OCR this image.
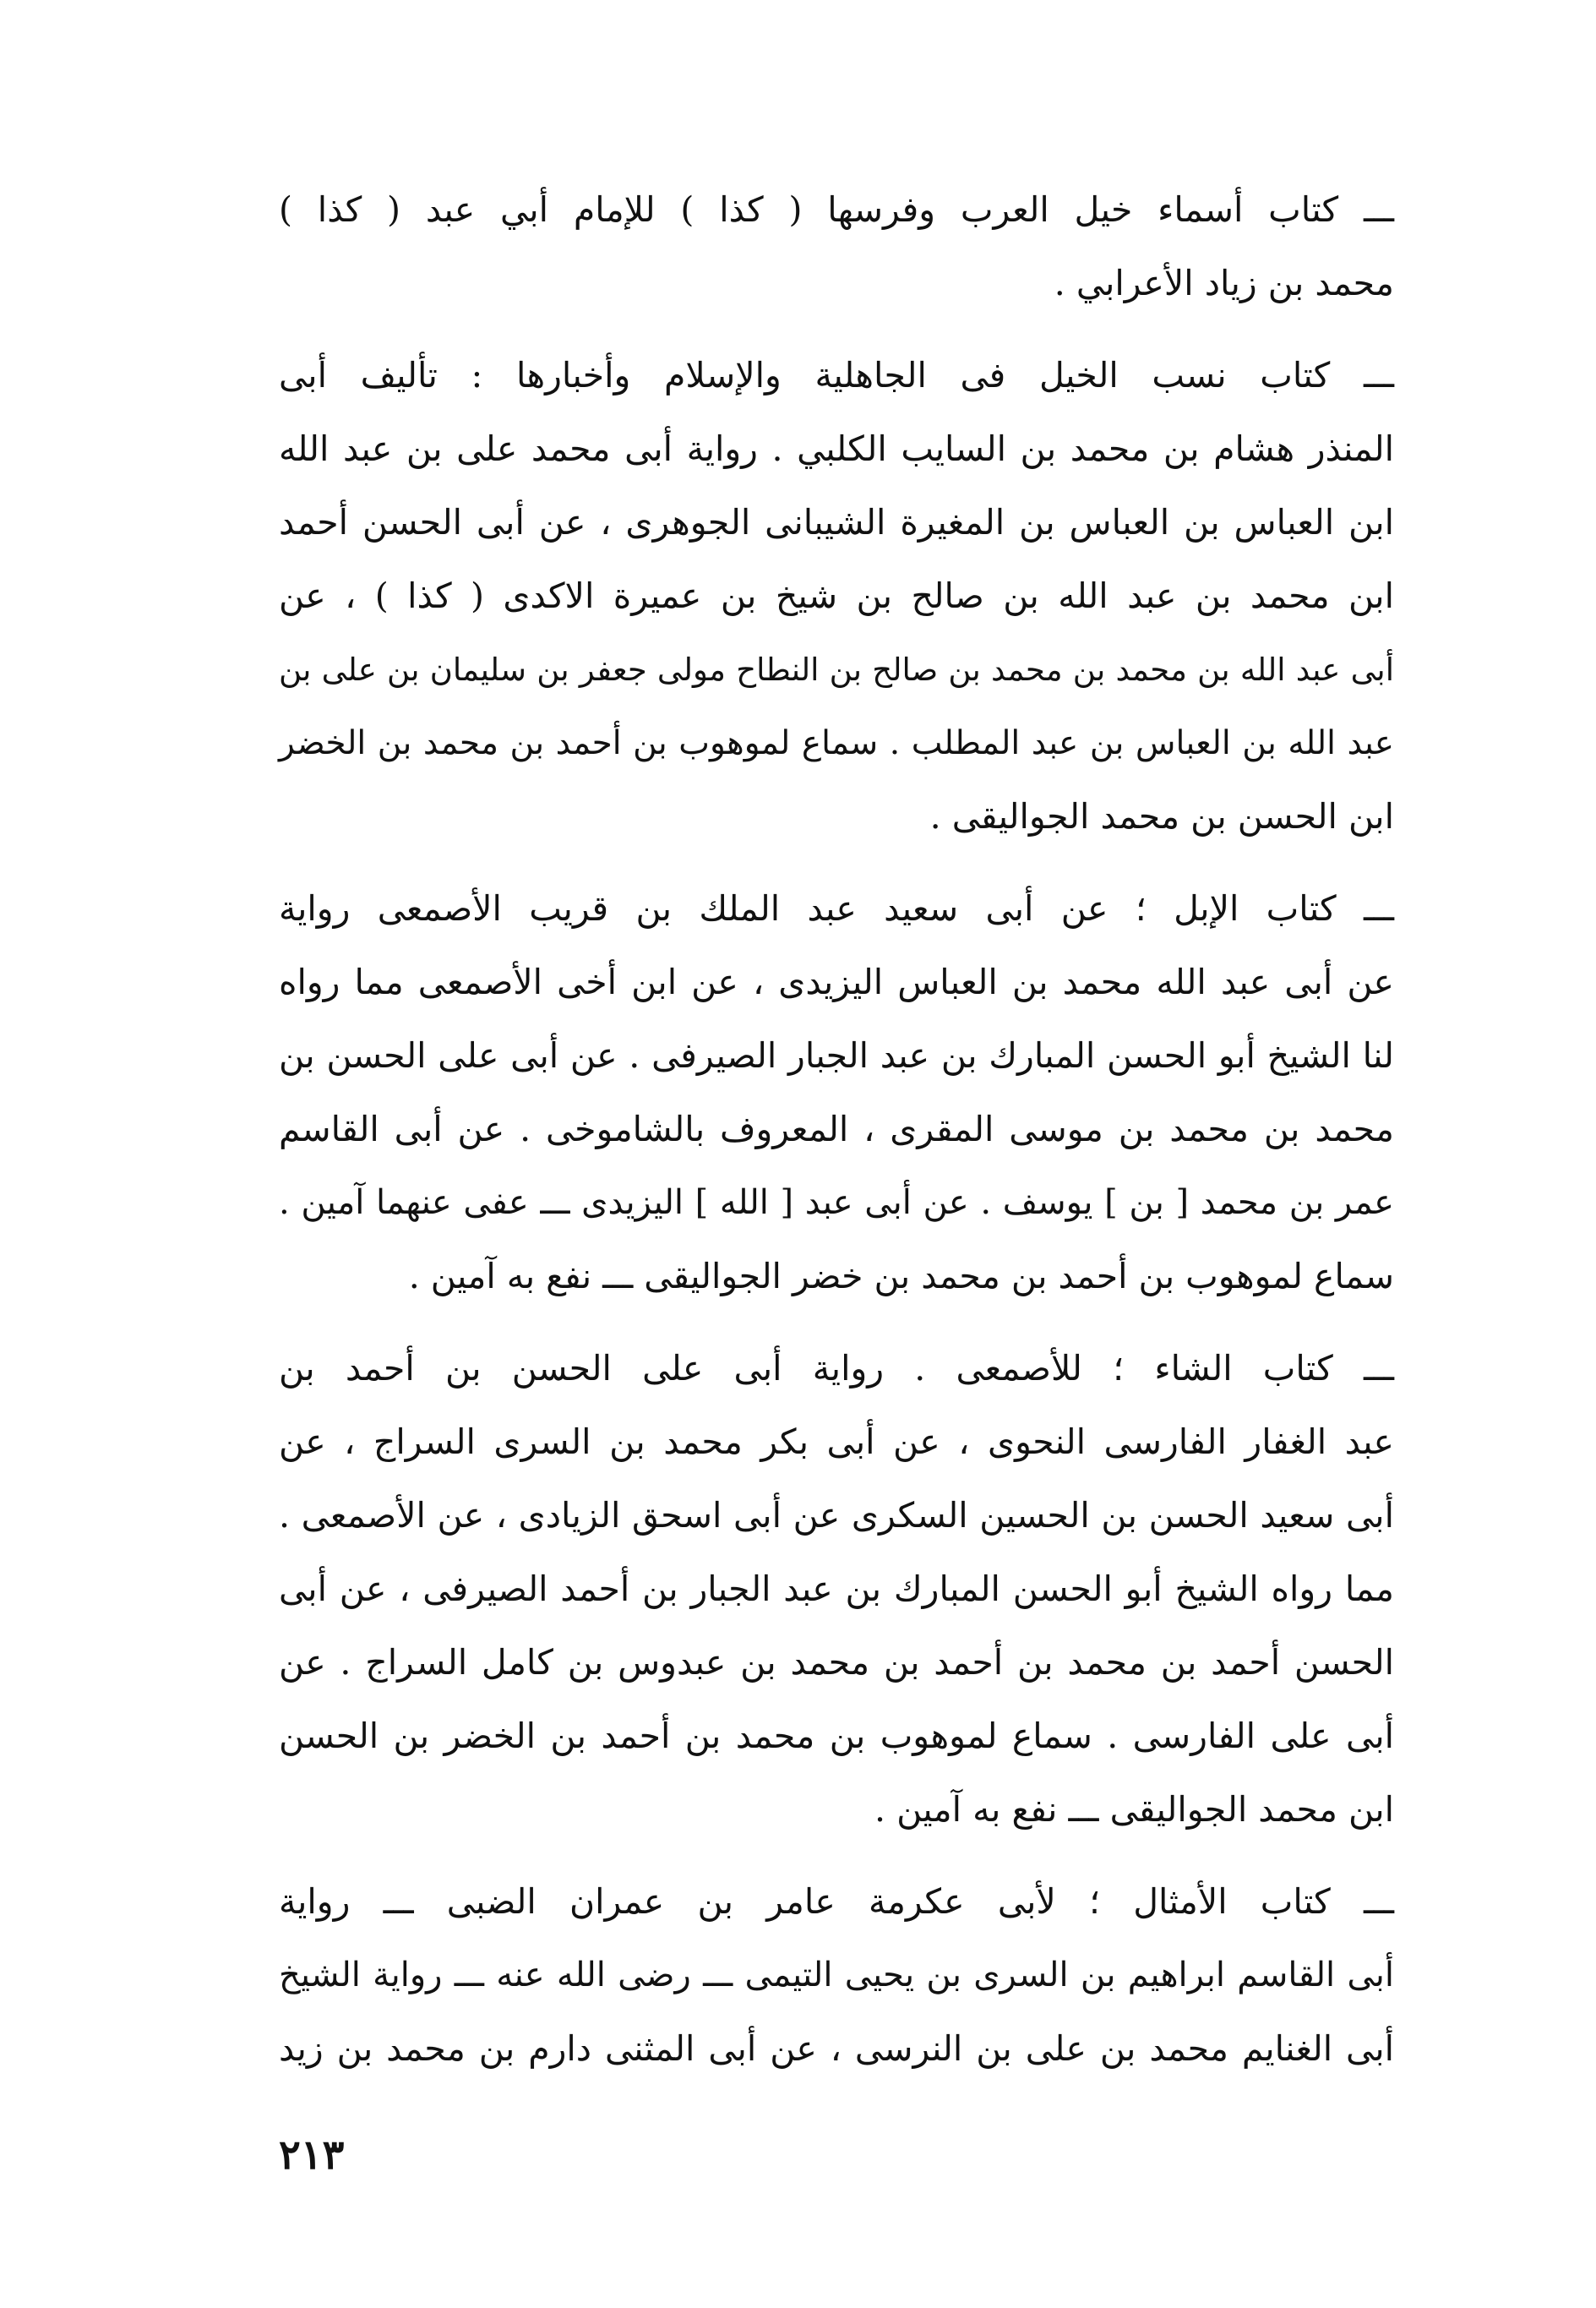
ـــ كتاب أسماء خيل العرب وفرسها ( كذا ) للإمام أبي عبد ( كذا )
محمد بن زياد الأعرابي .
ـــ كتاب نسب الخيل فى الجاهلية والإسلام وأخبارها : تأليف أبى
المنذر هشام بن محمد بن السايب الكلبي . رواية أبى محمد على بن عبد الله
ابن العباس بن العباس بن المغيرة الشيبانى الجوهرى ، عن أبى الحسن أحمد
ابن محمد بن عبد الله بن صالح بن شيخ بن عميرة الاكدى ( كذا ) ، عن
أبى عبد الله بن محمد بن محمد بن صالح بن النطاح مولى جعفر بن سليمان بن على بن
عبد الله بن العباس بن عبد المطلب . سماع لموهوب بن أحمد بن محمد بن الخضر
ابن الحسن بن محمد الجواليقى .
ـــ كتاب الإبل ؛ عن أبى سعيد عبد الملك بن قريب الأصمعى رواية
عن أبى عبد الله محمد بن العباس اليزيدى ، عن ابن أخى الأصمعى مما رواه
لنا الشيخ أبو الحسن المبارك بن عبد الجبار الصيرفى . عن أبى على الحسن بن
محمد بن محمد بن موسى المقرى ، المعروف بالشاموخى . عن أبى القاسم
عمر بن محمد [ بن ] يوسف . عن أبى عبد [ الله ] اليزيدى ـــ عفى عنهما آمين .
سماع لموهوب بن أحمد بن محمد بن خضر الجواليقى ـــ نفع به آمين .
ـــ كتاب الشاء ؛ للأصمعى . رواية أبى على الحسن بن أحمد بن
عبد الغفار الفارسى النحوى ، عن أبى بكر محمد بن السرى السراج ، عن
أبى سعيد الحسن بن الحسين السكرى عن أبى اسحق الزيادى ، عن الأصمعى .
مما رواه الشيخ أبو الحسن المبارك بن عبد الجبار بن أحمد الصيرفى ، عن أبى
الحسن أحمد بن محمد بن أحمد بن محمد بن عبدوس بن كامل السراج . عن
أبى على الفارسى . سماع لموهوب بن محمد بن أحمد بن الخضر بن الحسن
ابن محمد الجواليقى ـــ نفع به آمين .
ـــ كتاب الأمثال ؛ لأبى عكرمة عامر بن عمران الضبى ـــ رواية
أبى القاسم ابراهيم بن السرى بن يحيى التيمى ـــ رضى الله عنه ـــ رواية الشيخ
أبى الغنايم محمد بن على بن النرسى ، عن أبى المثنى دارم بن محمد بن زيد
٢١٣
